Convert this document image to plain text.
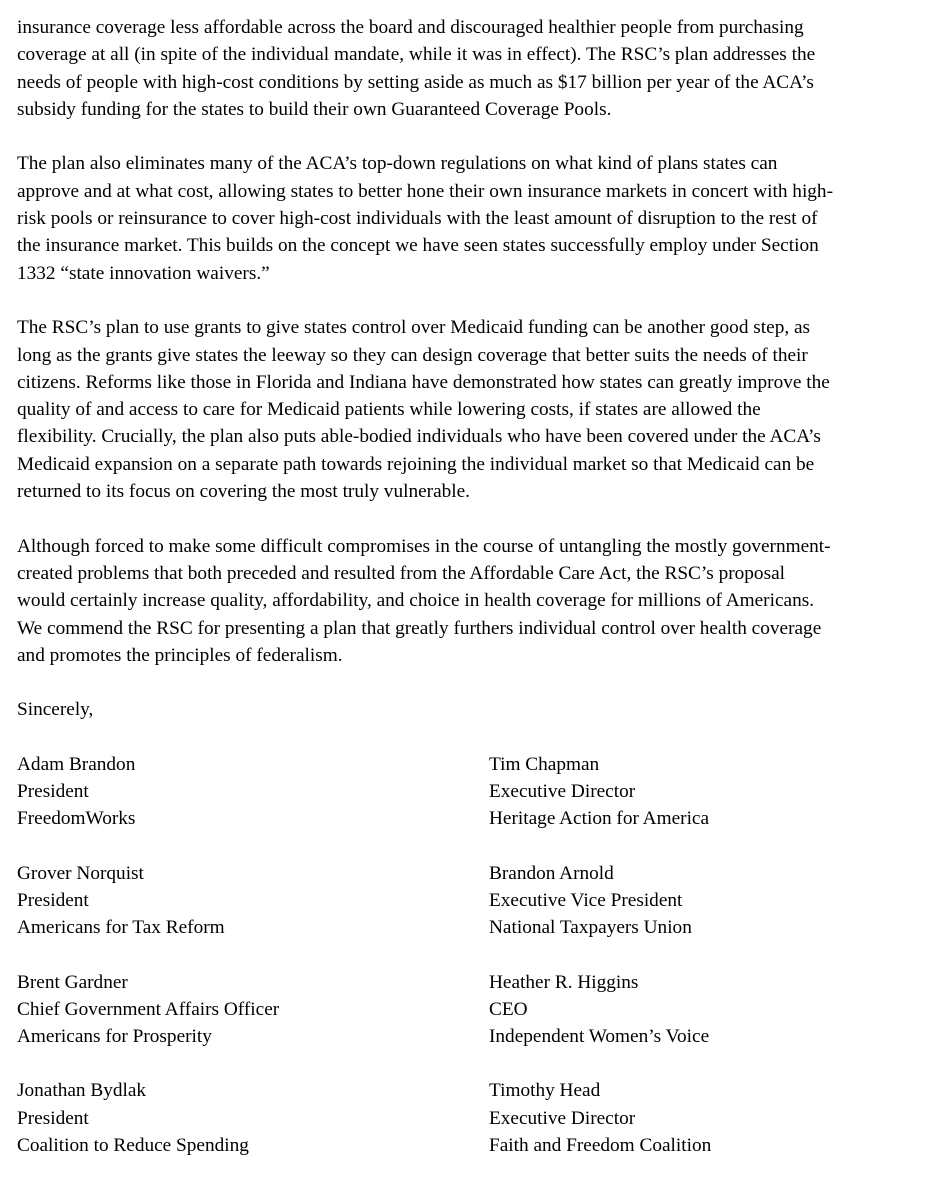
insurance coverage less affordable across the board and discouraged healthier people from purchasing
coverage at all (in spite of the individual mandate, while it was in effect). The RSC’s plan addresses the
needs of people with high-cost conditions by setting aside as much as $17 billion per year of the ACA’s
subsidy funding for the states to build their own Guaranteed Coverage Pools.

The plan also eliminates many of the ACA’s top-down regulations on what kind of plans states can
approve and at what cost, allowing states to better hone their own insurance markets in concert with high-
risk pools or reinsurance to cover high-cost individuals with the least amount of disruption to the rest of
the insurance market. This builds on the concept we have seen states successfully employ under Section
1332 “state innovation waivers.”

The RSC’s plan to use grants to give states control over Medicaid funding can be another good step, as
long as the grants give states the leeway so they can design coverage that better suits the needs of their
citizens. Reforms like those in Florida and Indiana have demonstrated how states can greatly improve the
quality of and access to care for Medicaid patients while lowering costs, if states are allowed the
flexibility. Crucially, the plan also puts able-bodied individuals who have been covered under the ACA’s
Medicaid expansion on a separate path towards rejoining the individual market so that Medicaid can be
returned to its focus on covering the most truly vulnerable.

Although forced to make some difficult compromises in the course of untangling the mostly government-
created problems that both preceded and resulted from the Affordable Care Act, the RSC’s proposal
would certainly increase quality, affordability, and choice in health coverage for millions of Americans.
We commend the RSC for presenting a plan that greatly furthers individual control over health coverage
and promotes the principles of federalism.

Sincerely,
Adam Brandon
President
FreedomWorks
Tim Chapman
Executive Director
Heritage Action for America
Grover Norquist
President
Americans for Tax Reform
Brandon Arnold
Executive Vice President
National Taxpayers Union
Brent Gardner
Chief Government Affairs Officer
Americans for Prosperity
Heather R. Higgins
CEO
Independent Women’s Voice
Jonathan Bydlak
President
Coalition to Reduce Spending
Timothy Head
Executive Director
Faith and Freedom Coalition
